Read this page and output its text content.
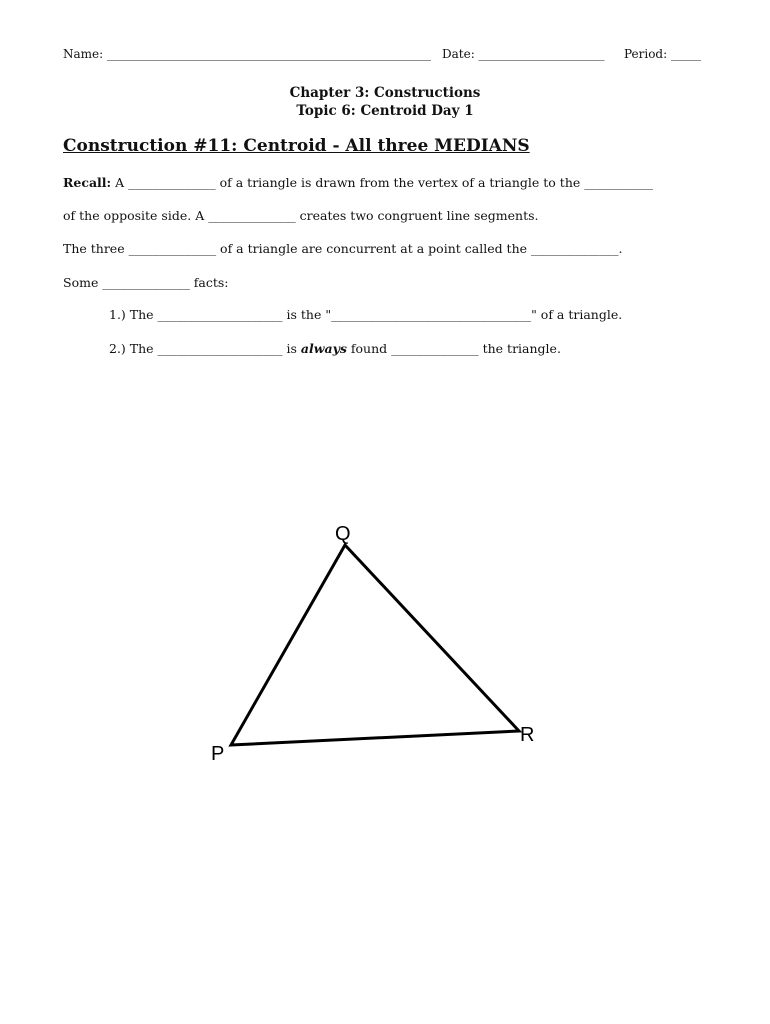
Name: ______________________________________________________ Date: _____________________ Period: _____
Chapter 3: Constructions
Topic 6: Centroid Day 1
Construction #11: Centroid - All three MEDIANS
Recall: A ______________ of a triangle is drawn from the vertex of a triangle to the ___________
of the opposite side. A ______________ creates two congruent line segments.
The three ______________ of a triangle are concurrent at a point called the ______________.
Some ______________ facts:
1.) The ____________________ is the "________________________________" of a triangle.
2.) The ____________________ is always found ______________ the triangle.
Q
P
R
